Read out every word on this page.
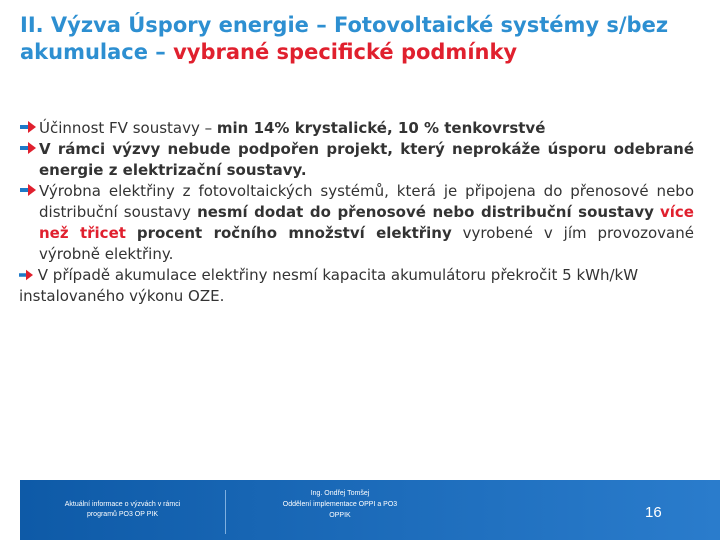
II. Výzva Úspory energie – Fotovoltaické systémy s/bez akumulace – vybrané specifické podmínky
Účinnost FV soustavy – min 14% krystalické, 10 % tenkovrstvé
V rámci výzvy nebude podpořen projekt, který neprokáže úsporu odebrané energie z elektrizační soustavy.
Výrobna elektřiny z fotovoltaických systémů, která je připojena do přenosové nebo distribuční soustavy nesmí dodat do přenosové nebo distribuční soustavy více než třicet procent ročního množství elektřiny vyrobené v jím provozované výrobně elektřiny.
V případě akumulace elektřiny nesmí kapacita akumulátoru překročit 5 kWh/kW instalovaného výkonu OZE.
Aktuální informace o výzvách v rámci
programů PO3 OP PIK
Ing. Ondřej Tomšej
Oddělení implementace OPPI a PO3
OPPIK	16
